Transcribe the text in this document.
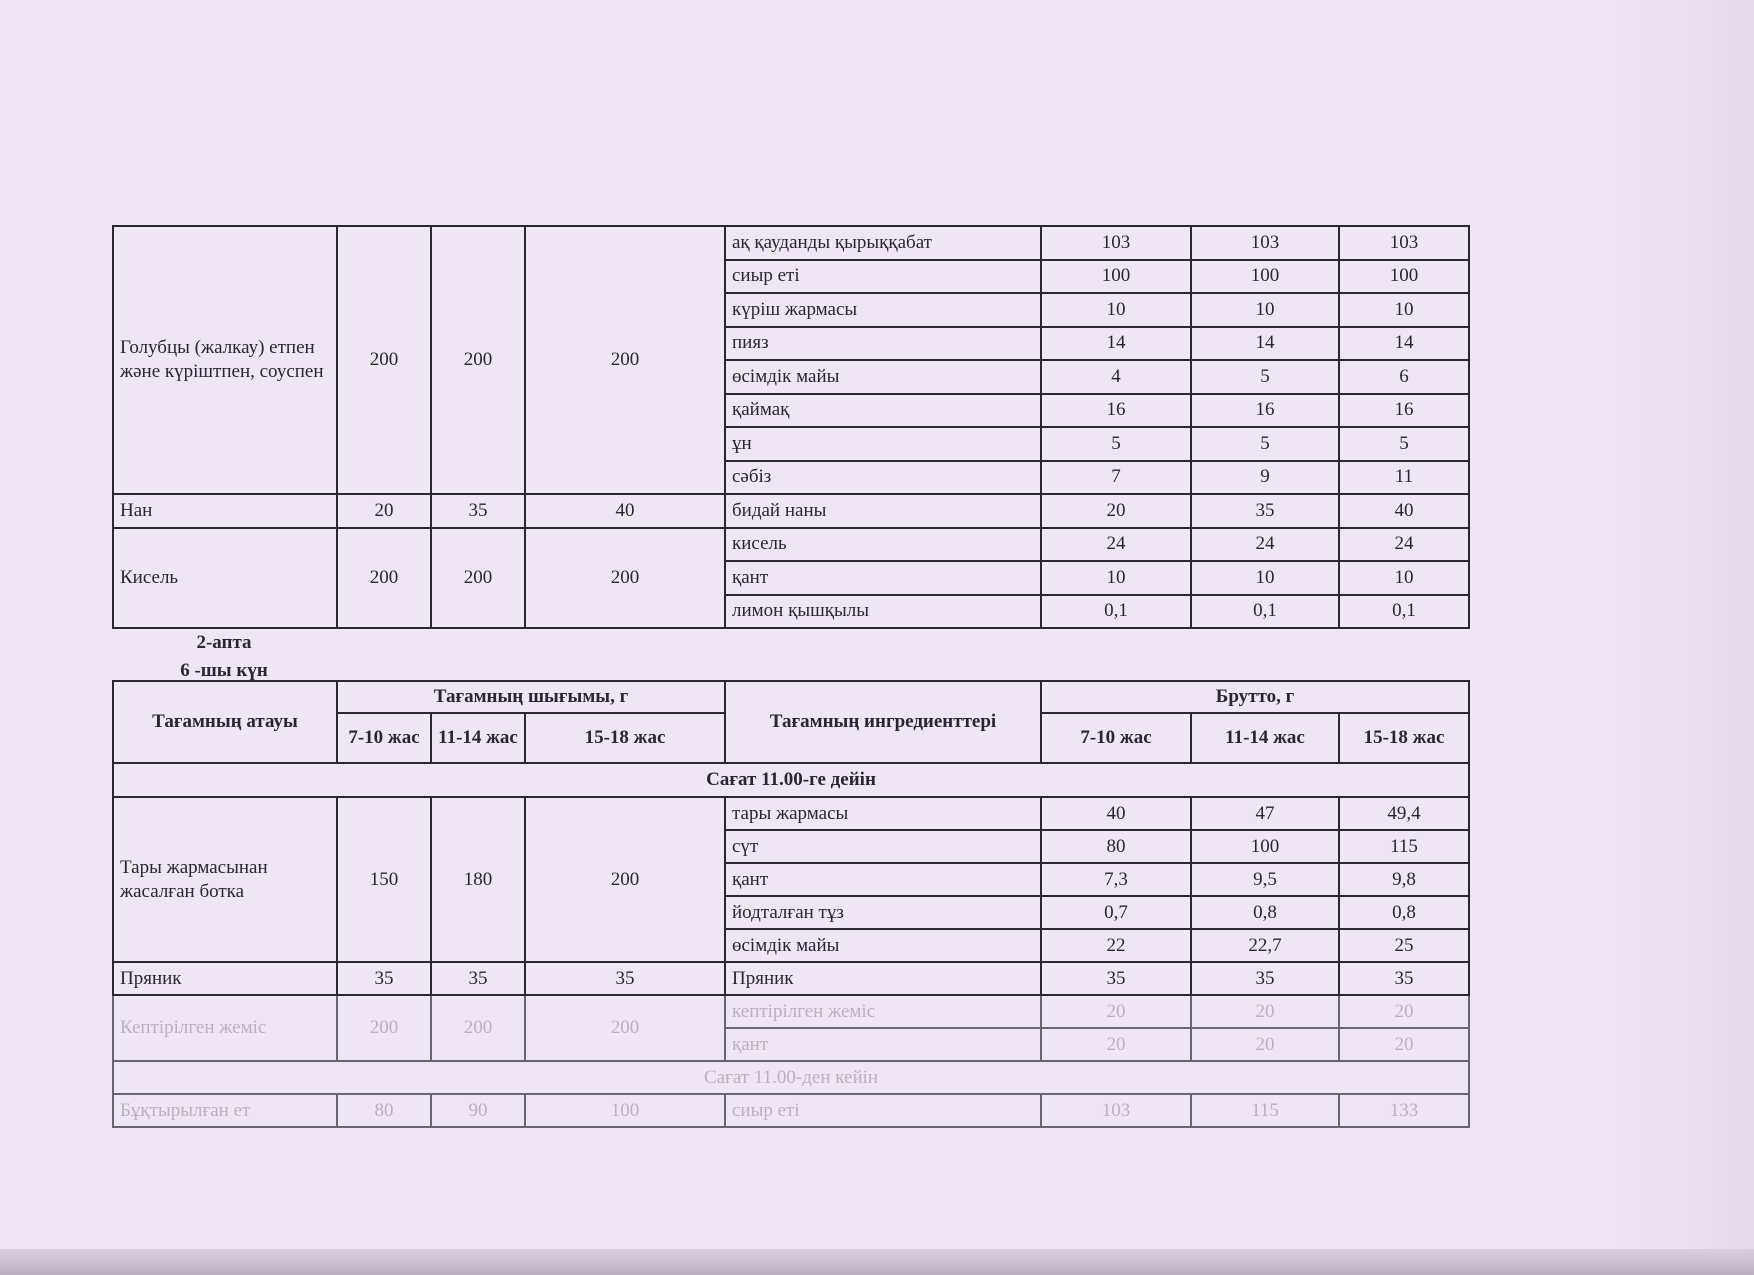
Голубцы (жалкау) етпен және күріштпен, соуспен	200	200	200	ақ қауданды қырыққабат	103	103	103
				сиыр еті	100	100	100
				күріш жармасы	10	10	10
				пияз	14	14	14
				өсімдік майы	4	5	6
				қаймақ	16	16	16
				ұн	5	5	5
				сәбіз	7	9	11
Нан	20	35	40	бидай наны	20	35	40
Кисель	200	200	200	кисель	24	24	24
				қант	10	10	10
				лимон қышқылы	0,1	0,1	0,1
2-апта
6 -шы күн
Тағамның атауы	Тағамның шығымы, г			Тағамның ингредиенттері	Брутто, г		
	7-10 жас	11-14 жас	15-18 жас		7-10 жас	11-14 жас	15-18 жас
Сағат 11.00-ге дейін							
Тары жармасынан жасалған ботка	150	180	200	тары жармасы	40	47	49,4
				сүт	80	100	115
				қант	7,3	9,5	9,8
				йодталған тұз	0,7	0,8	0,8
				өсімдік майы	22	22,7	25
Пряник	35	35	35	Пряник	35	35	35
Кептірілген жеміс	200	200	200	кептірілген жеміс	20	20	20
				қант	20	20	20
Сағат 11.00-ден кейін							
Бұқтырылған ет	80	90	100	сиыр еті	103	115	133
